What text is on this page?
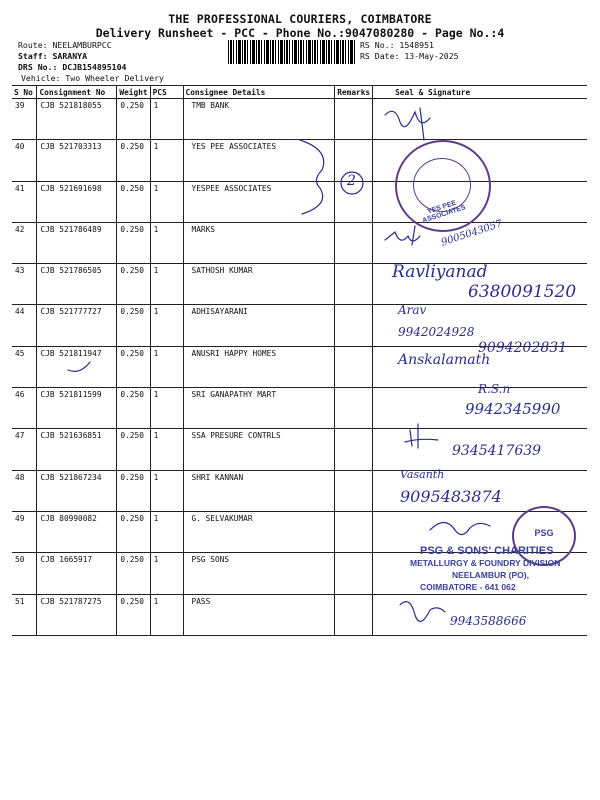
THE PROFESSIONAL COURIERS, COIMBATORE
Delivery Runsheet - PCC - Phone No.:9047080280 - Page No.:4
Route: NEELAMBURPCC
Staff: SARANYA
DRS No.: DCJB154895104
Vehicle: Two Wheeler Delivery
RS No.: 1548951
RS Date: 13-May-2025
S No	Consignment No	Weight	PCS	Consignee Details	Remarks	Seal & Signature
39	CJB 521818055	0.250	1	TMB BANK		
40	CJB 521703313	0.250	1	YES PEE ASSOCIATES		
41	CJB 521691698	0.250	1	YESPEE ASSOCIATES		
42	CJB 521786489	0.250	1	MARKS		
43	CJB 521786505	0.250	1	SATHOSH KUMAR		
44	CJB 521777727	0.250	1	ADHISAYARANI		
45	CJB 521811947	0.250	1	ANUSRI HAPPY HOMES		
46	CJB 521811599	0.250	1	SRI GANAPATHY MART		
47	CJB 521636851	0.250	1	SSA PRESURE CONTRLS		
48	CJB 521867234	0.250	1	SHRI KANNAN		
49	CJB 80990082	0.250	1	G. SELVAKUMAR		
50	CJB 1665917	0.250	1	PSG SONS		
51	CJB 521787275	0.250	1	PASS		
2
YES PEE ASSOCIATES
9005043057
Ravliyanad
6380091520
Arav
9942024928
9094202831
Anskalamath
R.S.n
9942345990
9345417639
Vasanth
9095483874
9943588666
PSG
PSG & SONS' CHARITIES
METALLURGY & FOUNDRY DIVISION
NEELAMBUR (PO),
COIMBATORE - 641 062
